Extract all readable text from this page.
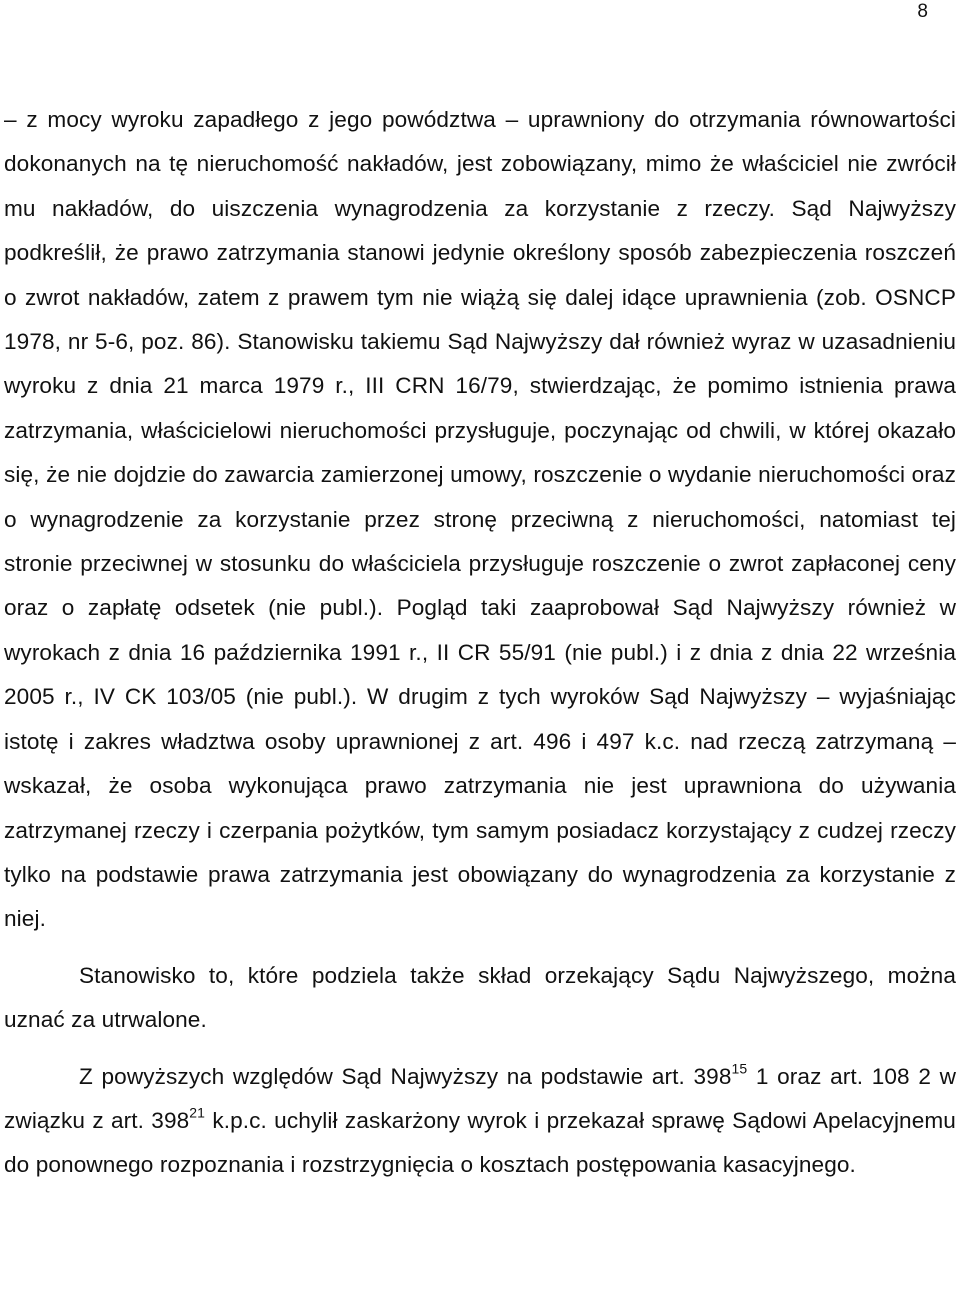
8

– z mocy wyroku zapadłego z jego powództwa – uprawniony do otrzymania równowartości dokonanych na tę nieruchomość nakładów, jest zobowiązany, mimo że właściciel nie zwrócił mu nakładów, do uiszczenia wynagrodzenia za korzystanie z rzeczy. Sąd Najwyższy podkreślił, że prawo zatrzymania stanowi jedynie określony sposób zabezpieczenia roszczeń o zwrot nakładów, zatem z prawem tym nie wiążą się dalej idące uprawnienia (zob. OSNCP 1978, nr 5-6, poz. 86). Stanowisku takiemu Sąd Najwyższy dał również wyraz w uzasadnieniu wyroku z dnia 21 marca 1979 r., III CRN 16/79, stwierdzając, że pomimo istnienia prawa zatrzymania, właścicielowi nieruchomości przysługuje, poczynając od chwili, w której okazało się, że nie dojdzie do zawarcia zamierzonej umowy, roszczenie o wydanie nieruchomości oraz o wynagrodzenie za korzystanie przez stronę przeciwną z nieruchomości, natomiast tej stronie przeciwnej w stosunku do właściciela przysługuje roszczenie o zwrot zapłaconej ceny oraz o zapłatę odsetek (nie publ.). Pogląd taki zaaprobował Sąd Najwyższy również w wyrokach z dnia 16 października 1991 r., II CR 55/91 (nie publ.) i z dnia z dnia 22 września 2005 r., IV CK 103/05 (nie publ.). W drugim z tych wyroków Sąd Najwyższy – wyjaśniając istotę i zakres władztwa osoby uprawnionej z art. 496 i 497 k.c. nad rzeczą zatrzymaną – wskazał, że osoba wykonująca prawo zatrzymania nie jest uprawniona do używania zatrzymanej rzeczy i czerpania pożytków, tym samym posiadacz korzystający z cudzej rzeczy tylko na podstawie prawa zatrzymania jest obowiązany do wynagrodzenia za korzystanie z niej.

Stanowisko to, które podziela także skład orzekający Sądu Najwyższego, można uznać za utrwalone.

Z powyższych względów Sąd Najwyższy na podstawie art. $398^{15}$ 1 oraz art. 108 2 w związku z art. $398^{21}$ k.p.c. uchylił zaskarżony wyrok i przekazał sprawę Sądowi Apelacyjnemu do ponownego rozpoznania i rozstrzygnięcia o kosztach postępowania kasacyjnego.
